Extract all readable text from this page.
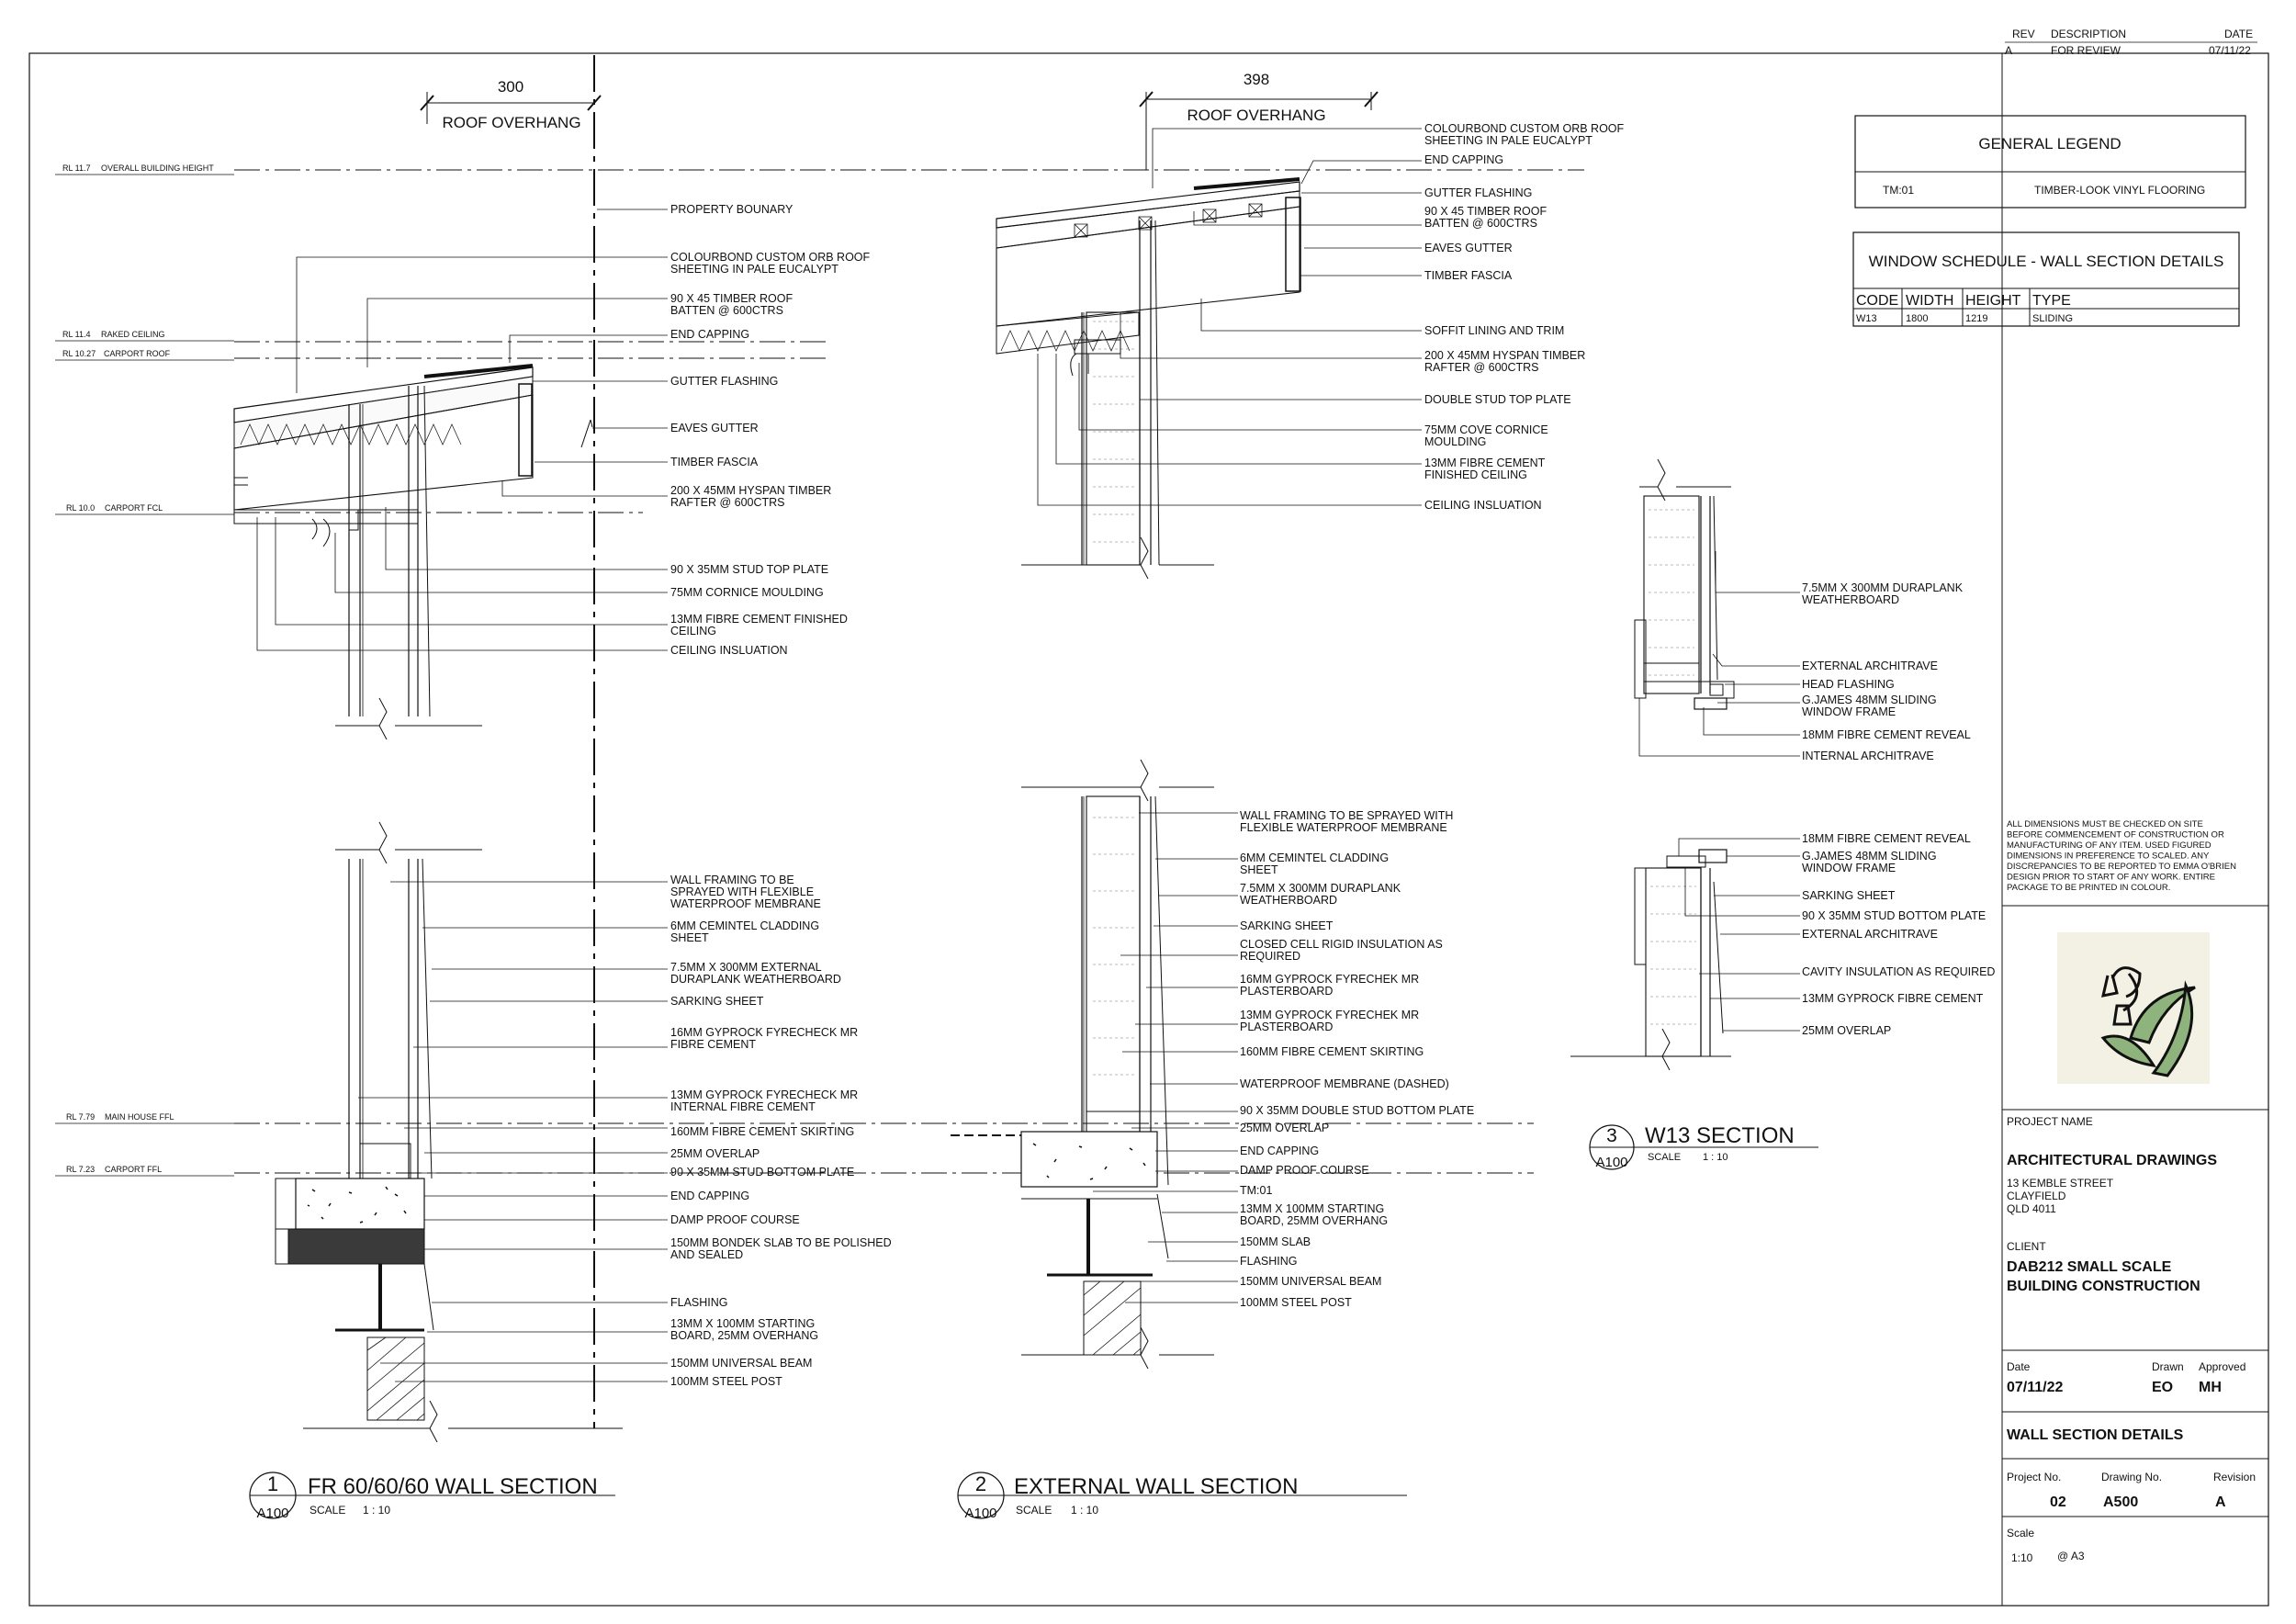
REV DESCRIPTION	DATE
A	FOR REVIEW	07/11/22
GENERAL LEGEND
TM:01	TIMBER-LOOK VINYL FLOORING
WINDOW SCHEDULE - WALL SECTION DETAILS
CODE WIDTH HEIGHT TYPE
W13	1800	1219	SLIDING
RL 11.7 OVERALL BUILDING HEIGHT
RL 11.4 RAKED CEILING
RL 10.27 CARPORT ROOF
RL 10.0 CARPORT FCL
RL 7.79 MAIN HOUSE FFL
RL 7.23 CARPORT FFL
300
ROOF OVERHANG
PROPERTY BOUNARY
COLOURBOND CUSTOM ORB ROOF SHEETING IN PALE EUCALYPT
90 X 45 TIMBER ROOF BATTEN @ 600CTRS
END CAPPING
GUTTER FLASHING
EAVES GUTTER
TIMBER FASCIA
200 X 45MM HYSPAN TIMBER RAFTER @ 600CTRS
90 X 35MM STUD TOP PLATE
75MM CORNICE MOULDING
13MM FIBRE CEMENT FINISHED CEILING
CEILING INSLUATION
WALL FRAMING TO BE SPRAYED WITH FLEXIBLE WATERPROOF MEMBRANE
6MM CEMINTEL CLADDING SHEET
7.5MM X 300MM EXTERNAL DURAPLANK WEATHERBOARD
SARKING SHEET
16MM GYPROCK FYRECHECK MR FIBRE CEMENT
13MM GYPROCK FYRECHECK MR INTERNAL FIBRE CEMENT
160MM FIBRE CEMENT SKIRTING
25MM OVERLAP
90 X 35MM STUD BOTTOM PLATE
END CAPPING
DAMP PROOF COURSE
150MM BONDEK SLAB TO BE POLISHED AND SEALED
FLASHING
13MM X 100MM STARTING BOARD, 25MM OVERHANG
150MM UNIVERSAL BEAM
100MM STEEL POST
1
A100
FR 60/60/60 WALL SECTION
SCALE 1 : 10
398
ROOF OVERHANG
COLOURBOND CUSTOM ORB ROOF SHEETING IN PALE EUCALYPT
END CAPPING
GUTTER FLASHING
90 X 45 TIMBER ROOF BATTEN @ 600CTRS
EAVES GUTTER
TIMBER FASCIA
SOFFIT LINING AND TRIM
200 X 45MM HYSPAN TIMBER RAFTER @ 600CTRS
DOUBLE STUD TOP PLATE
75MM COVE CORNICE MOULDING
13MM FIBRE CEMENT FINISHED CEILING
CEILING INSLUATION
WALL FRAMING TO BE SPRAYED WITH FLEXIBLE WATERPROOF MEMBRANE
6MM CEMINTEL CLADDING SHEET
7.5MM X 300MM DURAPLANK WEATHERBOARD
SARKING SHEET
CLOSED CELL RIGID INSULATION AS REQUIRED
16MM GYPROCK FYRECHEK MR PLASTERBOARD
13MM GYPROCK FYRECHEK MR PLASTERBOARD
160MM FIBRE CEMENT SKIRTING
WATERPROOF MEMBRANE (DASHED)
90 X 35MM DOUBLE STUD BOTTOM PLATE
25MM OVERLAP
END CAPPING
DAMP PROOF COURSE
TM:01
13MM X 100MM STARTING BOARD, 25MM OVERHANG
150MM SLAB
FLASHING
150MM UNIVERSAL BEAM
100MM STEEL POST
2
A100
EXTERNAL WALL SECTION
SCALE 1 : 10
7.5MM X 300MM DURAPLANK WEATHERBOARD
EXTERNAL ARCHITRAVE
HEAD FLASHING
G.JAMES 48MM SLIDING WINDOW FRAME
18MM FIBRE CEMENT REVEAL
INTERNAL ARCHITRAVE
18MM FIBRE CEMENT REVEAL
G.JAMES 48MM SLIDING WINDOW FRAME
SARKING SHEET
90 X 35MM STUD BOTTOM PLATE
EXTERNAL ARCHITRAVE
CAVITY INSULATION AS REQUIRED
13MM GYPROCK FIBRE CEMENT
25MM OVERLAP
3
A100
W13 SECTION
SCALE 1 : 10
ALL DIMENSIONS MUST BE CHECKED ON SITE BEFORE COMMENCEMENT OF CONSTRUCTION OR MANUFACTURING OF ANY ITEM. USED FIGURED DIMENSIONS IN PREFERENCE TO SCALED. ANY DISCREPANCIES TO BE REPORTED TO EMMA O'BRIEN DESIGN PRIOR TO START OF ANY WORK. ENTIRE PACKAGE TO BE PRINTED IN COLOUR.
PROJECT NAME
ARCHITECTURAL DRAWINGS
13 KEMBLE STREET
CLAYFIELD
QLD 4011
CLIENT
DAB212 SMALL SCALE
BUILDING CONSTRUCTION
Date	Drawn Approved
07/11/22	EO MH
WALL SECTION DETAILS
Project No.	Drawing No.	Revision
02	A500	A
Scale
1:10 @ A3
